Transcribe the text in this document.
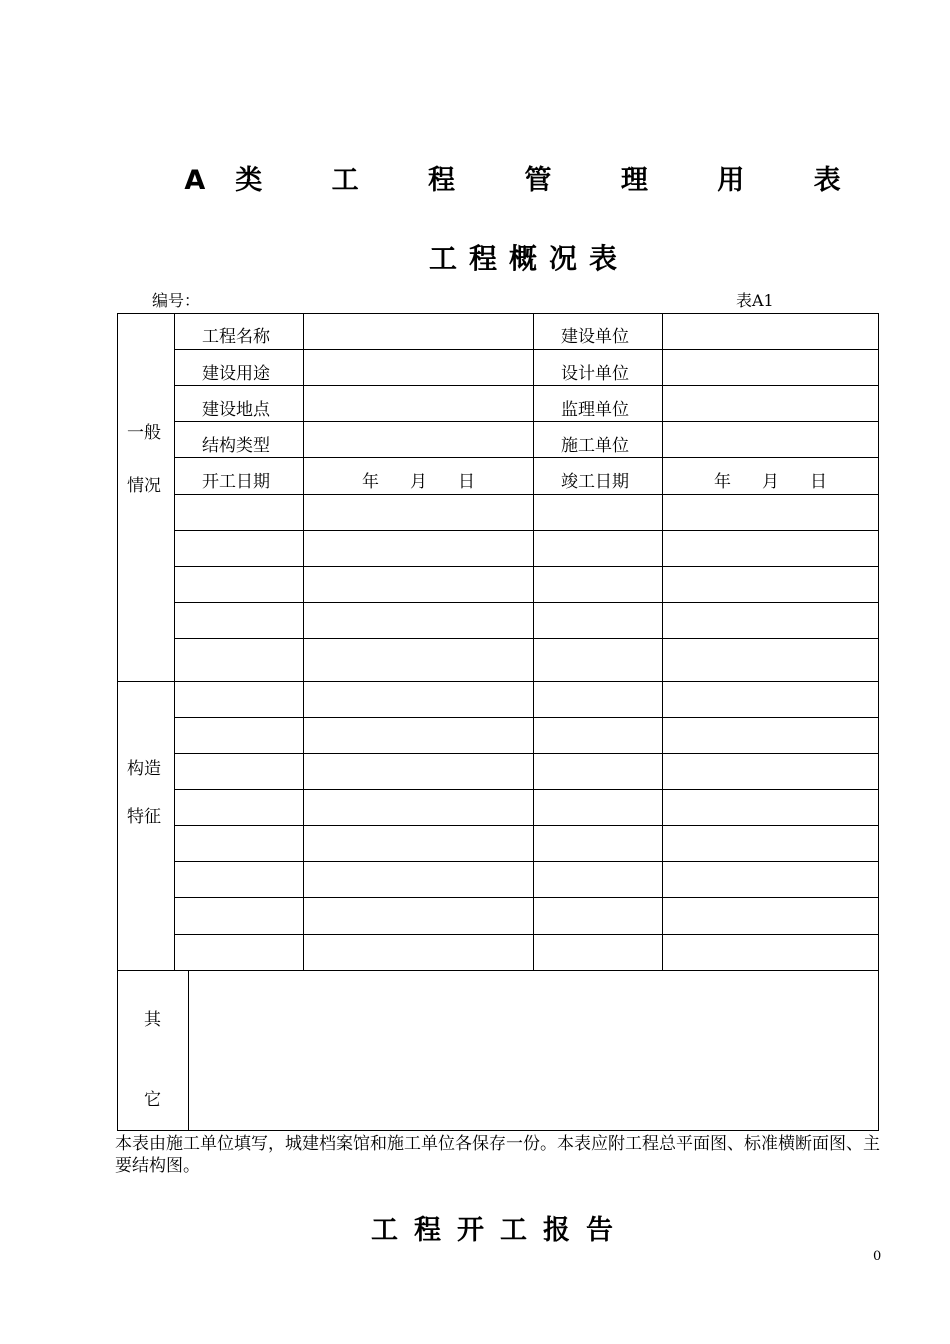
A类 工 程 管 理 用 表
工程概况表
编号：	表A1
一般
情况
构造
特征
其
它
工程名称
建设用途
建设地点
结构类型
开工日期
建设单位
设计单位
监理单位
施工单位
竣工日期
年 月 日	年 月 日
本表由施工单位填写，城建档案馆和施工单位各保存一份。本表应附工程总平面图、标准横断面图、主要结构图。
工程开工报告
0
